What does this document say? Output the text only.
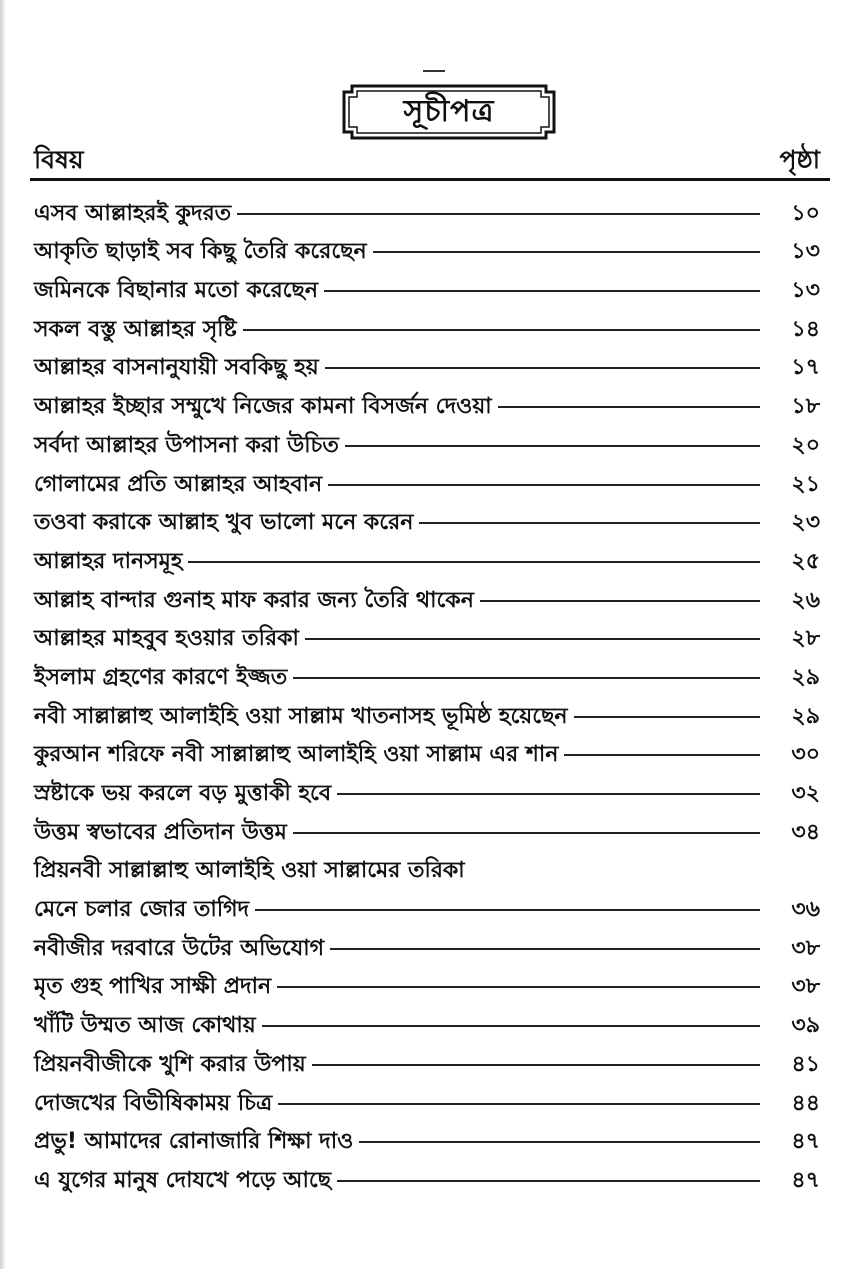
সূচীপত্র
বিষয়	পৃষ্ঠা
এসব আল্লাহরই কুদরত	১০
আকৃতি ছাড়াই সব কিছু তৈরি করেছেন	১৩
জমিনকে বিছানার মতো করেছেন	১৩
সকল বস্তু আল্লাহর সৃষ্টি	১৪
আল্লাহর বাসনানুযায়ী সবকিছু হয়	১৭
আল্লাহর ইচ্ছার সম্মুখে নিজের কামনা বিসর্জন দেওয়া	১৮
সর্বদা আল্লাহর উপাসনা করা উচিত	২০
গোলামের প্রতি আল্লাহর আহবান	২১
তওবা করাকে আল্লাহ খুব ভালো মনে করেন	২৩
আল্লাহর দানসমূহ	২৫
আল্লাহ বান্দার গুনাহ মাফ করার জন্য তৈরি থাকেন	২৬
আল্লাহর মাহবুব হওয়ার তরিকা	২৮
ইসলাম গ্রহণের কারণে ইজ্জত	২৯
নবী সাল্লাল্লাহু আলাইহি ওয়া সাল্লাম খাতনাসহ ভূমিষ্ঠ হয়েছেন	২৯
কুরআন শরিফে নবী সাল্লাল্লাহু আলাইহি ওয়া সাল্লাম এর শান	৩০
স্রষ্টাকে ভয় করলে বড় মুত্তাকী হবে	৩২
উত্তম স্বভাবের প্রতিদান উত্তম	৩৪
প্রিয়নবী সাল্লাল্লাহু আলাইহি ওয়া সাল্লামের তরিকা
মেনে চলার জোর তাগিদ	৩৬
নবীজীর দরবারে উটের অভিযোগ	৩৮
মৃত গুহ পাখির সাক্ষী প্রদান	৩৮
খাঁটি উম্মত আজ কোথায়	৩৯
প্রিয়নবীজীকে খুশি করার উপায়	৪১
দোজখের বিভীষিকাময় চিত্র	৪৪
প্রভু! আমাদের রোনাজারি শিক্ষা দাও	৪৭
এ যুগের মানুষ দোযখে পড়ে আছে	৪৭
